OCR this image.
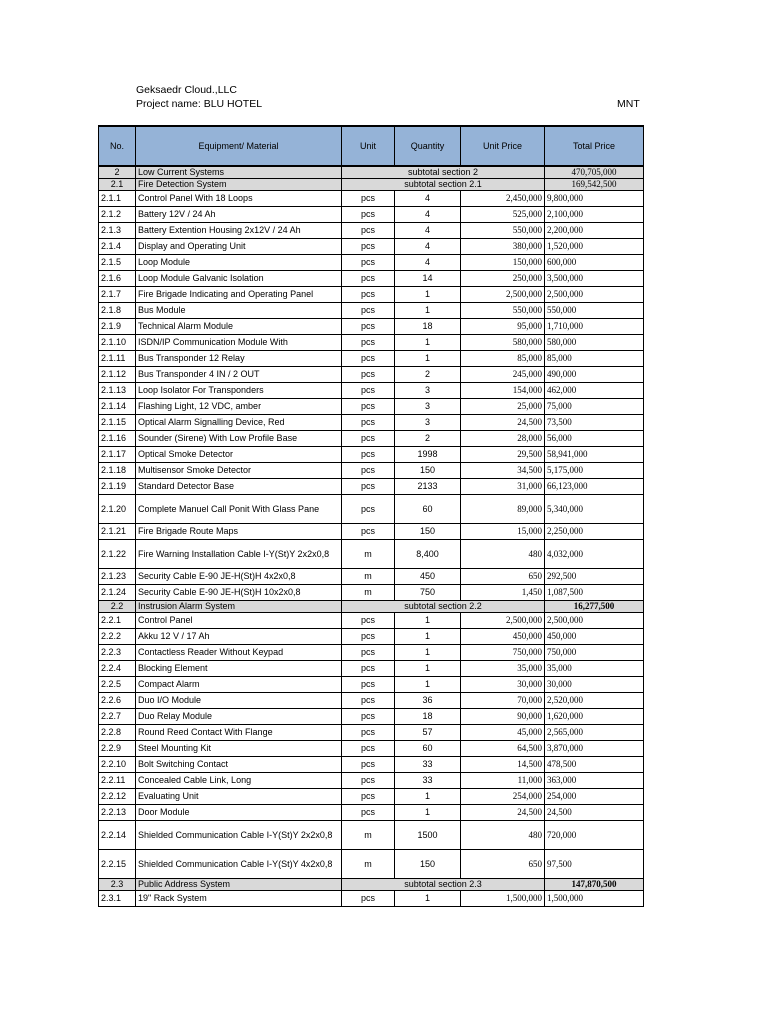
Geksaedr Cloud.,LLC
Project name: BLU HOTEL	MNT
No.	Equipment/ Material	Unit	Quantity	Unit Price	Total Price
2	Low Current Systems	subtotal section 2			470,705,000
2.1	Fire Detection System	subtotal section 2.1			169,542,500
2.1.1	Control Panel With 18 Loops	pcs	4	2,450,000	9,800,000
2.1.2	Battery 12V / 24 Ah	pcs	4	525,000	2,100,000
2.1.3	Battery Extention Housing 2x12V / 24 Ah	pcs	4	550,000	2,200,000
2.1.4	Display and Operating Unit	pcs	4	380,000	1,520,000
2.1.5	Loop Module	pcs	4	150,000	600,000
2.1.6	Loop Module Galvanic Isolation	pcs	14	250,000	3,500,000
2.1.7	Fire Brigade Indicating and Operating Panel	pcs	1	2,500,000	2,500,000
2.1.8	Bus Module	pcs	1	550,000	550,000
2.1.9	Technical Alarm Module	pcs	18	95,000	1,710,000
2.1.10	ISDN/IP Communication Module With	pcs	1	580,000	580,000
2.1.11	Bus Transponder 12 Relay	pcs	1	85,000	85,000
2.1.12	Bus Transponder 4 IN / 2 OUT	pcs	2	245,000	490,000
2.1.13	Loop Isolator For Transponders	pcs	3	154,000	462,000
2.1.14	Flashing Light, 12 VDC, amber	pcs	3	25,000	75,000
2.1.15	Optical Alarm Signalling Device, Red	pcs	3	24,500	73,500
2.1.16	Sounder (Sirene) With Low Profile Base	pcs	2	28,000	56,000
2.1.17	Optical Smoke Detector	pcs	1998	29,500	58,941,000
2.1.18	Multisensor Smoke Detector	pcs	150	34,500	5,175,000
2.1.19	Standard Detector Base	pcs	2133	31,000	66,123,000
2.1.20	Complete Manuel Call Ponit With Glass Pane	pcs	60	89,000	5,340,000
2.1.21	Fire Brigade Route Maps	pcs	150	15,000	2,250,000
2.1.22	Fire Warning Installation Cable I-Y(St)Y 2x2x0,8	m	8,400	480	4,032,000
2.1.23	Security Cable E-90 JE-H(St)H 4x2x0,8	m	450	650	292,500
2.1.24	Security Cable E-90 JE-H(St)H 10x2x0,8	m	750	1,450	1,087,500
2.2	Instrusion Alarm System	subtotal section 2.2			16,277,500
2.2.1	Control Panel	pcs	1	2,500,000	2,500,000
2.2.2	Akku 12 V / 17 Ah	pcs	1	450,000	450,000
2.2.3	Contactless Reader Without Keypad	pcs	1	750,000	750,000
2.2.4	Blocking Element	pcs	1	35,000	35,000
2.2.5	Compact Alarm	pcs	1	30,000	30,000
2.2.6	Duo I/O Module	pcs	36	70,000	2,520,000
2.2.7	Duo Relay Module	pcs	18	90,000	1,620,000
2.2.8	Round Reed Contact With Flange	pcs	57	45,000	2,565,000
2.2.9	Steel Mounting Kit	pcs	60	64,500	3,870,000
2.2.10	Bolt Switching Contact	pcs	33	14,500	478,500
2.2.11	Concealed Cable Link, Long	pcs	33	11,000	363,000
2.2.12	Evaluating Unit	pcs	1	254,000	254,000
2.2.13	Door Module	pcs	1	24,500	24,500
2.2.14	Shielded Communication Cable I-Y(St)Y 2x2x0,8	m	1500	480	720,000
2.2.15	Shielded Communication Cable I-Y(St)Y 4x2x0,8	m	150	650	97,500
2.3	Public Address System	subtotal section 2.3			147,870,500
2.3.1	19" Rack System	pcs	1	1,500,000	1,500,000
